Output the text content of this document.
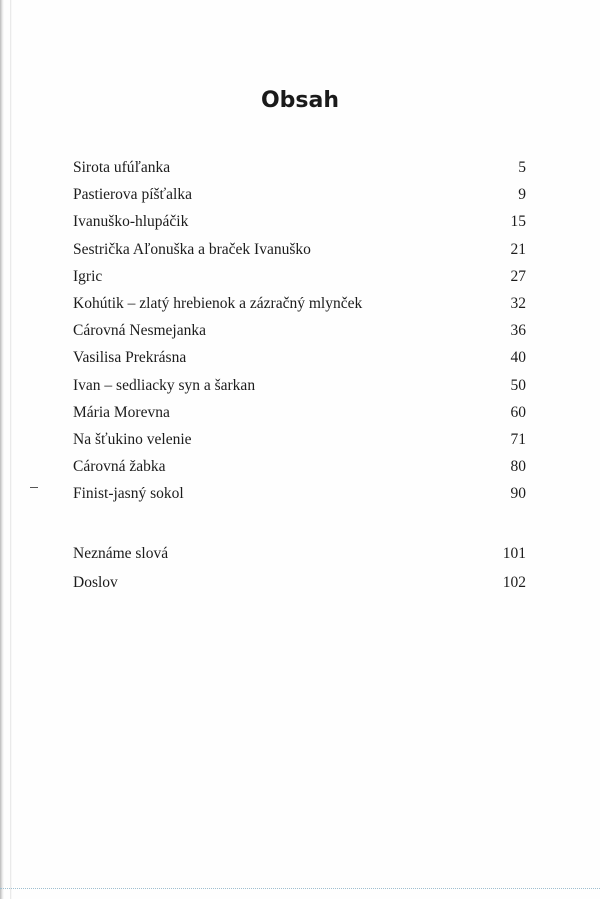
Obsah
Sirota ufúľanka	5
Pastierova píšťalka	9
Ivanuško-hlupáčik	15
Sestrička Aľonuška a braček Ivanuško	21
Igric	27
Kohútik – zlatý hrebienok a zázračný mlynček	32
Cárovná Nesmejanka	36
Vasilisa Prekrásna	40
Ivan – sedliacky syn a šarkan	50
Mária Morevna	60
Na šťukino velenie	71
Cárovná žabka	80
Finist-jasný sokol	90
Neznáme slová	101
Doslov	102
